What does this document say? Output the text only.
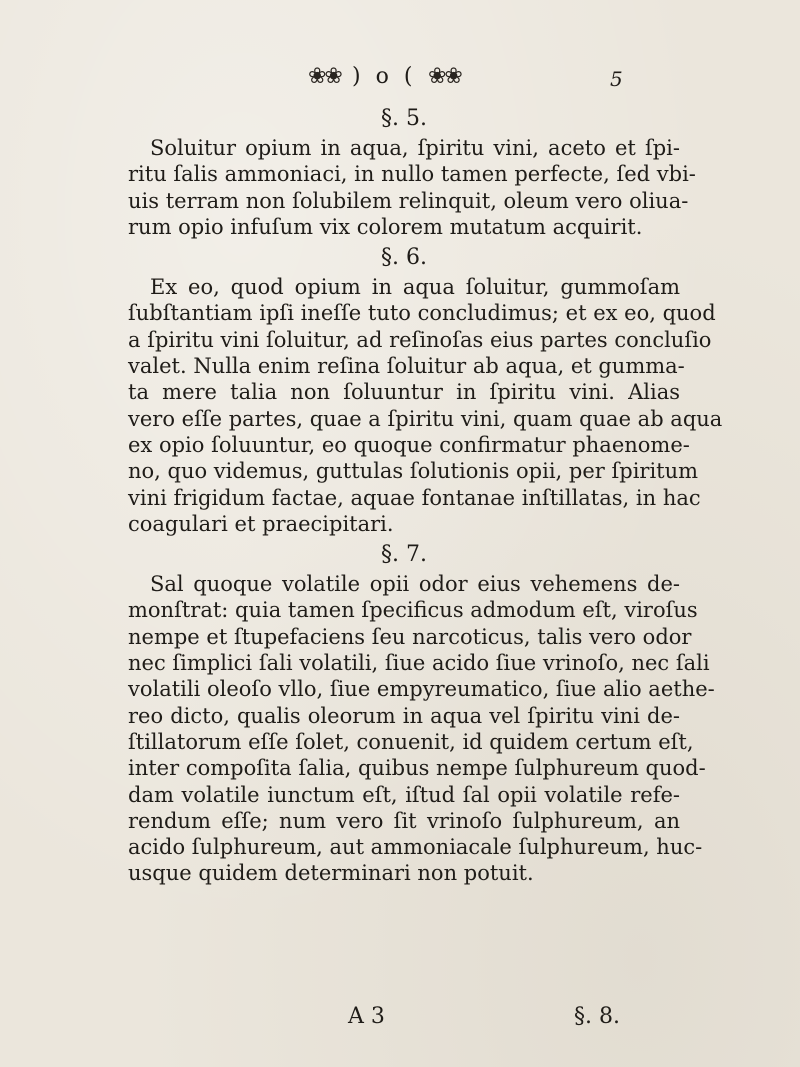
❀❀ ) o ( ❀❀	5
§. 5.

Soluitur opium in aqua, ſpiritu vini, aceto et ſpi-
ritu ſalis ammoniaci, in nullo tamen perfecte, ſed vbi-
uis terram non ſolubilem relinquit, oleum vero oliua-
rum opio infuſum vix colorem mutatum acquirit.

§. 6.

Ex eo, quod opium in aqua ſoluitur, gummoſam
ſubſtantiam ipſi ineſſe tuto concludimus; et ex eo, quod
a ſpiritu vini ſoluitur, ad reſinoſas eius partes concluſio
valet. Nulla enim reſina ſoluitur ab aqua, et gumma-
ta mere talia non ſoluuntur in ſpiritu vini. Alias
vero eſſe partes, quae a ſpiritu vini, quam quae ab aqua
ex opio ſoluuntur, eo quoque confirmatur phaenome-
no, quo videmus, guttulas ſolutionis opii, per ſpiritum
vini frigidum factae, aquae fontanae inſtillatas, in hac
coagulari et praecipitari.

§. 7.

Sal quoque volatile opii odor eius vehemens de-
monſtrat: quia tamen ſpecificus admodum eſt, viroſus
nempe et ſtupefaciens ſeu narcoticus, talis vero odor
nec ſimplici ſali volatili, ſiue acido ſiue vrinoſo, nec ſali
volatili oleoſo vllo, ſiue empyreumatico, ſiue alio aethe-
reo dicto, qualis oleorum in aqua vel ſpiritu vini de-
ſtillatorum eſſe ſolet, conuenit, id quidem certum eſt,
inter compoſita ſalia, quibus nempe ſulphureum quod-
dam volatile iunctum eſt, iſtud ſal opii volatile refe-
rendum eſſe; num vero ſit vrinoſo ſulphureum, an
acido ſulphureum, aut ammoniacale ſulphureum, huc-
usque quidem determinari non potuit.

A 3	§. 8.
